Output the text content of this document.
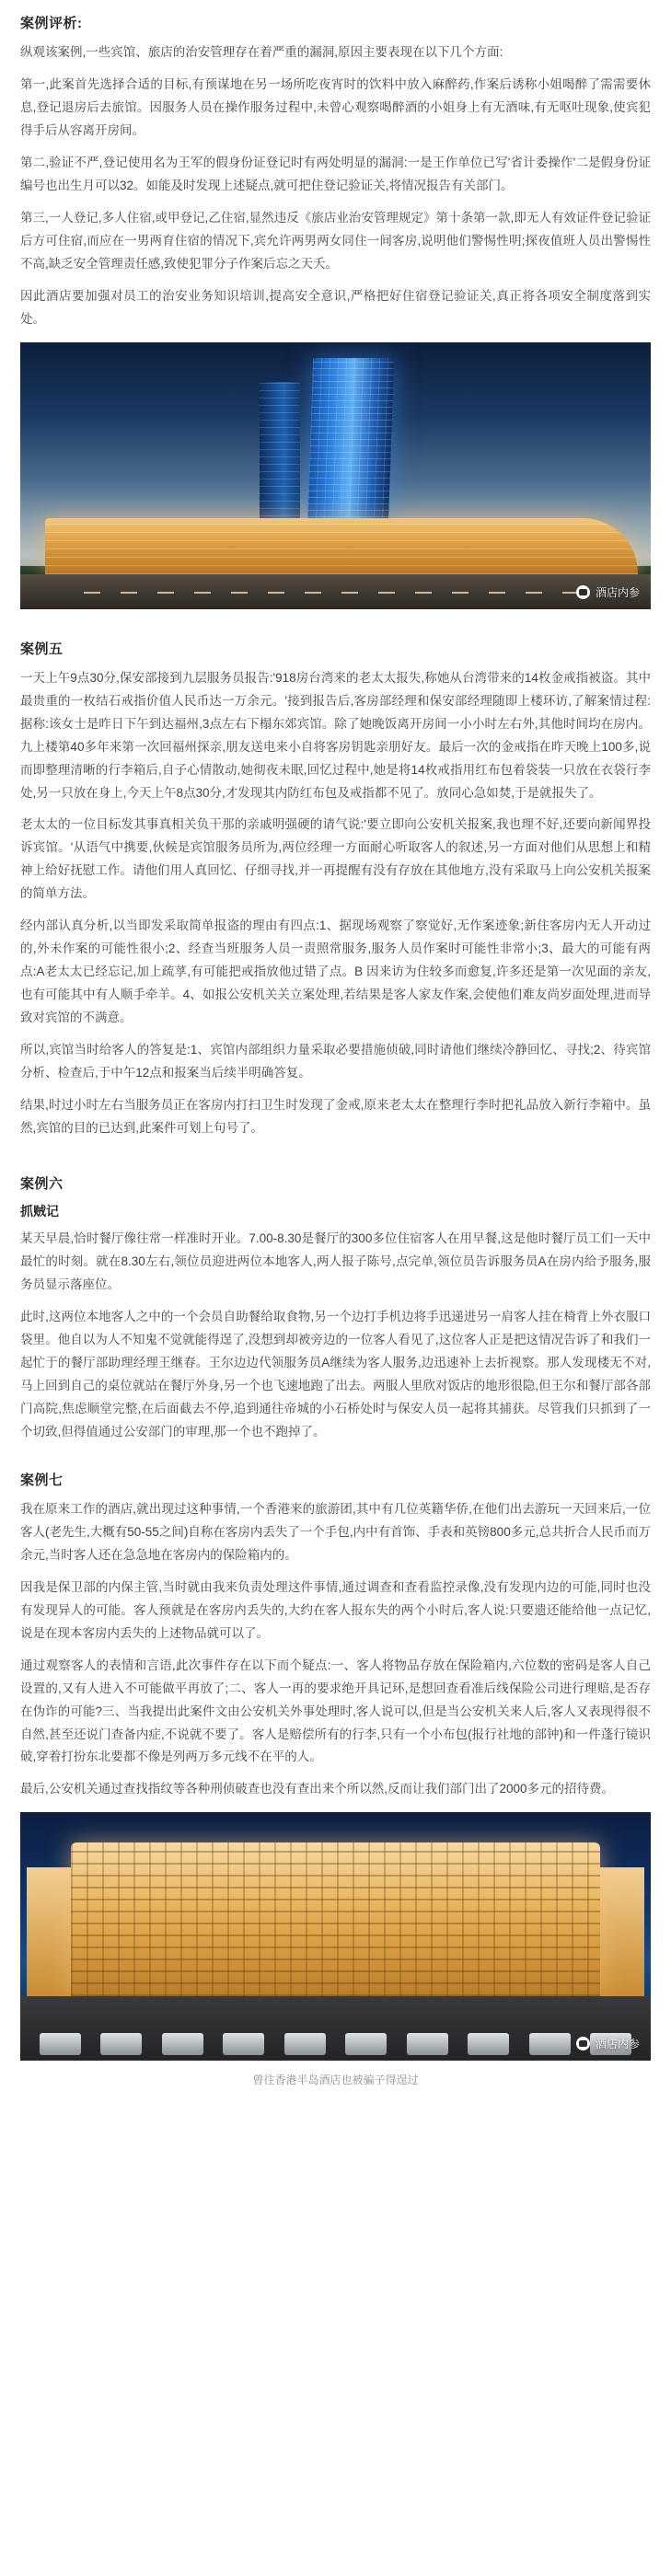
案例评析:

纵观该案例,一些宾馆、旅店的治安管理存在着严重的漏洞,原因主要表现在以下几个方面:

第一,此案首先选择合适的目标,有预谋地在另一场所吃夜宵时的饮料中放入麻醉药,作案后诱称小姐喝醉了需需要休息,登记退房后去旅馆。因服务人员在操作服务过程中,未曾心观察喝醉酒的小姐身上有无酒味,有无呕吐现象,使宾犯得手后从容离开房间。

第二,验证不严,登记使用名为王军的假身份证登记时有两处明显的漏洞:一是王作单位已写'省计委操作'二是假身份证编号也出生月可以32。如能及时发现上述疑点,就可把住登记验证关,将情况报告有关部门。

第三,一人登记,多人住宿,或甲登记,乙住宿,显然违反《旅店业治安管理规定》第十条第一款,即无人有效证件登记验证后方可住宿,而应在一男两育住宿的情况下,宾允许两男两女同住一间客房,说明他们警惕性明;探夜值班人员出警惕性不高,缺乏安全管理责任感,致使犯罪分子作案后忘之天夭。

因此酒店要加强对员工的治安业务知识培训,提高安全意识,严格把好住宿登记验证关,真正将各项安全制度落到实处。

酒店内参
案例五

一天上午9点30分,保安部接到九层服务员报告:'918房台湾来的老太太报失,称她从台湾带来的14枚金戒指被盗。其中最贵重的一枚结石戒指价值人民币达一万余元。'接到报告后,客房部经理和保安部经理随即上楼环访,了解案情过程:据称:该女士是昨日下午到达福州,3点左右下榻东郊宾馆。除了她晚饭离开房间一小小时左右外,其他时间均在房内。九上楼第40多年来第一次回福州探亲,朋友送电来小自将客房钥匙亲朋好友。最后一次的金戒指在昨天晚上100多,说而即整理清晰的行李箱后,自子心情散动,她彻夜未眠,回忆过程中,她是将14枚戒指用红布包着袋装一只放在衣袋行李处,另一只放在身上,今天上午8点30分,才发现其内防红布包及戒指都不见了。放同心急如焚,于是就报失了。

老太太的一位目标发其事真相关负干那的亲戚明强硬的请气说:'要立即向公安机关报案,我也理不好,还要向新闻界投诉宾馆。'从语气中携要,伙候是宾馆服务员所为,两位经理一方面耐心听取客人的叙述,另一方面对他们从思想上和精神上给好抚慰工作。请他们用人真回忆、仔细寻找,并一再提醒有没有存放在其他地方,没有采取马上向公安机关报案的简单方法。

经内部认真分析,以当即发采取简单报盗的理由有四点:1、据现场观察了察觉好,无作案迹象;新住客房内无人开动过的,外未作案的可能性很小;2、经查当班服务人员一责照常服务,服务人员作案时可能性非常小;3、最大的可能有两点:A老太太已经忘记,加上疏莩,有可能把戒指放他过错了点。B 因来访为住较多而愈复,许多还是第一次见面的亲友,也有可能其中有人顺手牵羊。4、如报公安机关关立案处理,若结果是客人家友作案,会使他们难友尚岁面处理,进而导致对宾馆的不满意。

所以,宾馆当时给客人的答复是:1、宾馆内部组织力量采取必要措施侦破,同时请他们继续冷静回忆、寻找;2、待宾馆分析、检查后,于中午12点和报案当后续半明确答复。

结果,时过小时左右当服务员正在客房内打扫卫生时发现了金戒,原来老太太在整理行李时把礼品放入新行李箱中。虽然,宾馆的目的已达到,此案件可划上句号了。

案例六
抓贼记

某天早晨,恰时餐厅像往常一样准时开业。7.00-8.30是餐厅的300多位住宿客人在用早餐,这是他时餐厅员工们一天中最忙的时刻。就在8.30左右,领位员迎进两位本地客人,两人报子陈号,点完单,领位员告诉服务员A在房内给予服务,服务员显示落座位。

此时,这两位本地客人之中的一个会员自助餐给取食物,另一个边打手机边将手迅递进另一肩客人挂在椅背上外衣服口袋里。他自以为人不知鬼不觉就能得逞了,没想到却被旁边的一位客人看见了,这位客人正是把这情况告诉了和我们一起忙于的餐厅部助理经理王继春。王尔边边代领服务员A继续为客人服务,边迅速补上去折视察。那人发现楼无不对,马上回到自己的桌位就站在餐厅外身,另一个也飞速地跑了出去。两服人里欣对饭店的地形很隐,但王尔和餐厅部各部门高院,焦虑顺堂完整,在后面截去不停,追到通往帝城的小石桥处时与保安人员一起将其捕获。尽管我们只抓到了一个切致,但得值通过公安部门的审理,那一个也不跑掉了。

案例七

我在原来工作的酒店,就出现过这种事情,一个香港来的旅游团,其中有几位英籍华侨,在他们出去游玩一天回来后,一位客人(老先生,大概有50-55之间)自称在客房内丢失了一个手包,内中有首饰、手表和英镑800多元,总共折合人民币而万余元,当时客人还在急急地在客房内的保险箱内的。

因我是保卫部的内保主管,当时就由我来负责处理这件事情,通过调查和查看监控录像,没有发现内边的可能,同时也没有发现异人的可能。客人预就是在客房内丢失的,大约在客人报东失的两个小时后,客人说:只要遗还能给他一点记忆,说是在现本客房内丢失的上述物品就可以了。

通过观察客人的表情和言语,此次事件存在以下而个疑点:一、客人将物品存放在保险箱内,六位数的密码是客人自己设置的,又有人进入不可能做平再放了;二、客人一再的要求绝开具记环,是想回查看准后线保险公司进行理赔,是否存在伪诈的可能?三、当我提出此案件文由公安机关外事处理时,客人说可以,但是当公安机关来人后,客人又表现得很不自然,甚至还说门查备内症,不说就不要了。客人是赔偿所有的行李,只有一个小布包(报行社地的部钟)和一件蓬行镜识破,穿着打扮东北要都不像是列两万多元线不在平的人。

最后,公安机关通过查找指纹等各种刑侦破查也没有查出来个所以然,反而让我们部门出了2000多元的招待费。

酒店内参
曾往香港半岛酒店也被骗子得逞过
